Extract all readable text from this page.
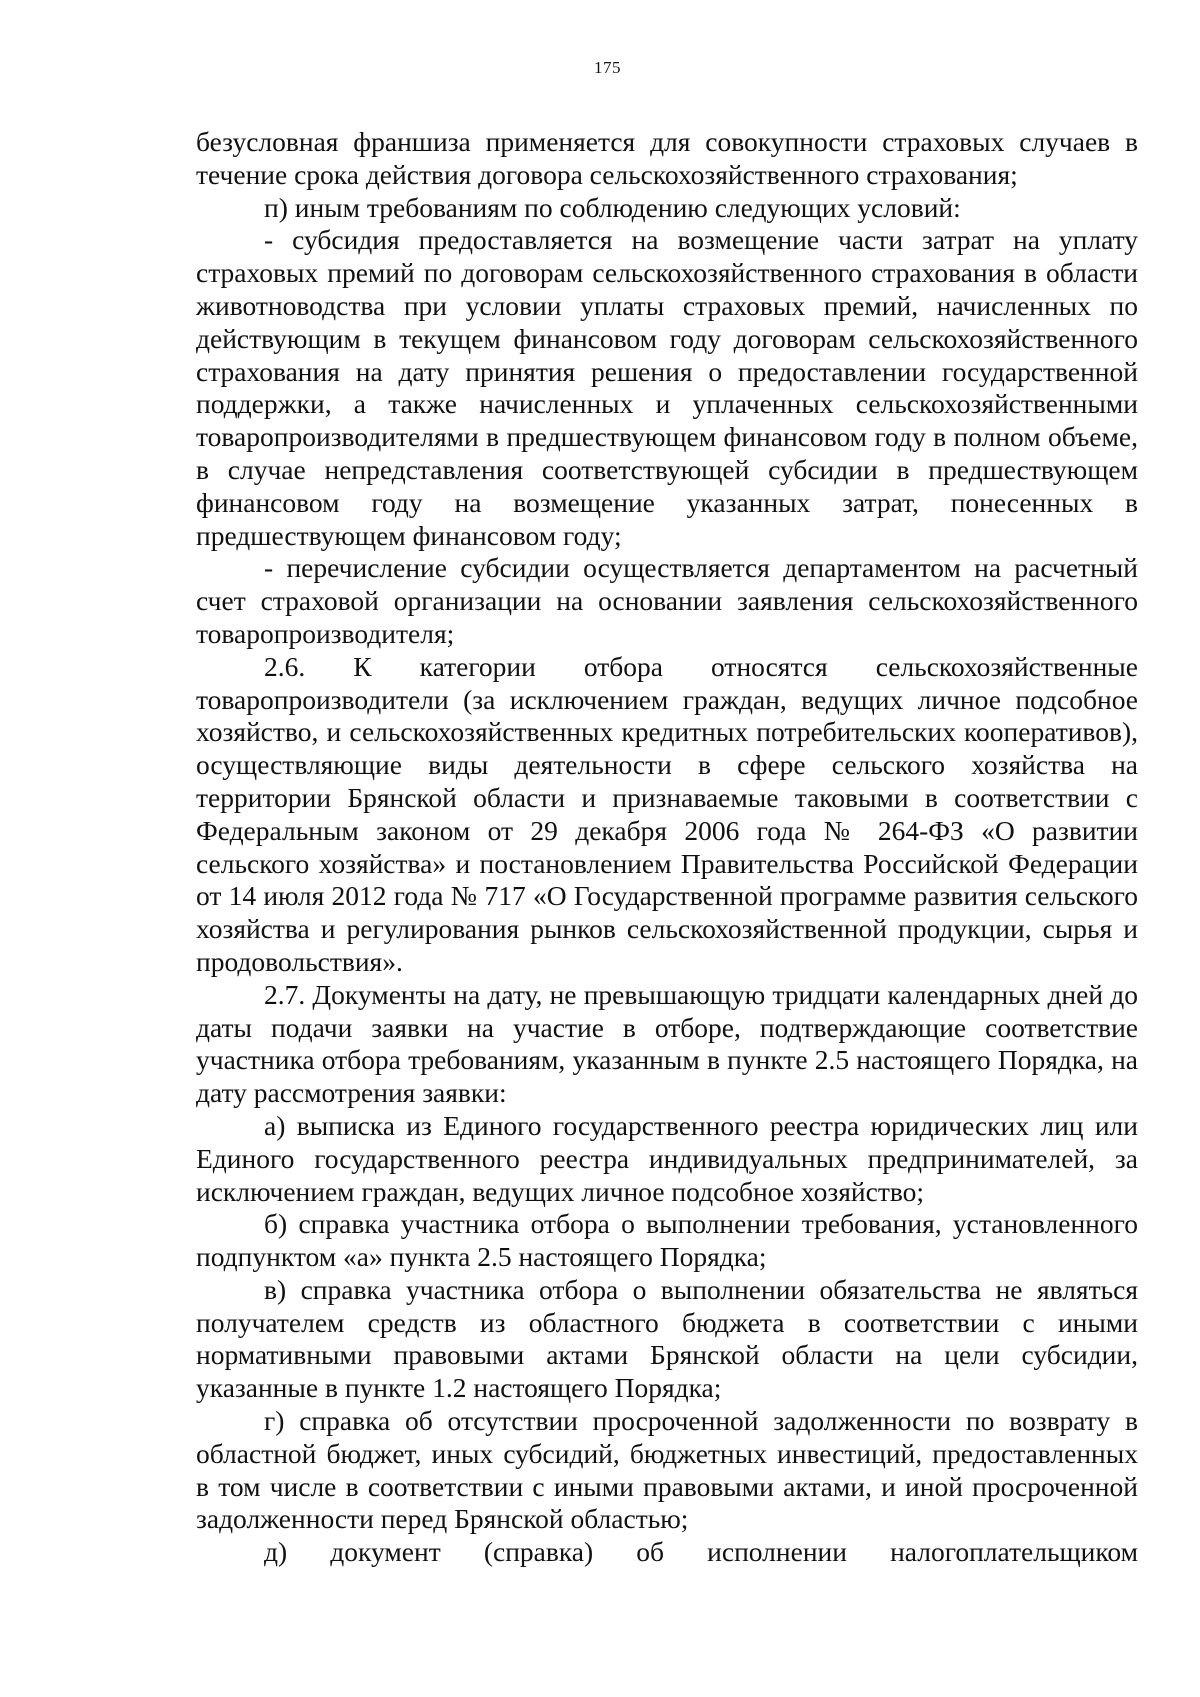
175

безусловная франшиза применяется для совокупности страховых случаев в течение срока действия договора сельскохозяйственного страхования;

п) иным требованиям по соблюдению следующих условий:

- субсидия предоставляется на возмещение части затрат на уплату страховых премий по договорам сельскохозяйственного страхования в области животноводства при условии уплаты страховых премий, начисленных по действующим в текущем финансовом году договорам сельскохозяйственного страхования на дату принятия решения о предоставлении государственной поддержки, а также начисленных и уплаченных сельскохозяйственными товаропроизводителями в предшествующем финансовом году в полном объеме, в случае непредставления соответствующей субсидии в предшествующем финансовом году на возмещение указанных затрат, понесенных в предшествующем финансовом году;

- перечисление субсидии осуществляется департаментом на расчетный счет страховой организации на основании заявления сельскохозяйственного товаропроизводителя;

2.6. К категории отбора относятся сельскохозяйственные товаропроизводители (за исключением граждан, ведущих личное подсобное хозяйство, и сельскохозяйственных кредитных потребительских кооперативов), осуществляющие виды деятельности в сфере сельского хозяйства на территории Брянской области и признаваемые таковыми в соответствии с Федеральным законом от 29 декабря 2006 года № 264-ФЗ «О развитии сельского хозяйства» и постановлением Правительства Российской Федерации от 14 июля 2012 года № 717 «О Государственной программе развития сельского хозяйства и регулирования рынков сельскохозяйственной продукции, сырья и продовольствия».

2.7. Документы на дату, не превышающую тридцати календарных дней до даты подачи заявки на участие в отборе, подтверждающие соответствие участника отбора требованиям, указанным в пункте 2.5 настоящего Порядка, на дату рассмотрения заявки:

а) выписка из Единого государственного реестра юридических лиц или Единого государственного реестра индивидуальных предпринимателей, за исключением граждан, ведущих личное подсобное хозяйство;

б) справка участника отбора о выполнении требования, установленного подпунктом «а» пункта 2.5 настоящего Порядка;

в) справка участника отбора о выполнении обязательства не являться получателем средств из областного бюджета в соответствии с иными нормативными правовыми актами Брянской области на цели субсидии, указанные в пункте 1.2 настоящего Порядка;

г) справка об отсутствии просроченной задолженности по возврату в областной бюджет, иных субсидий, бюджетных инвестиций, предоставленных в том числе в соответствии с иными правовыми актами, и иной просроченной задолженности перед Брянской областью;

д) документ (справка) об исполнении налогоплательщиком
